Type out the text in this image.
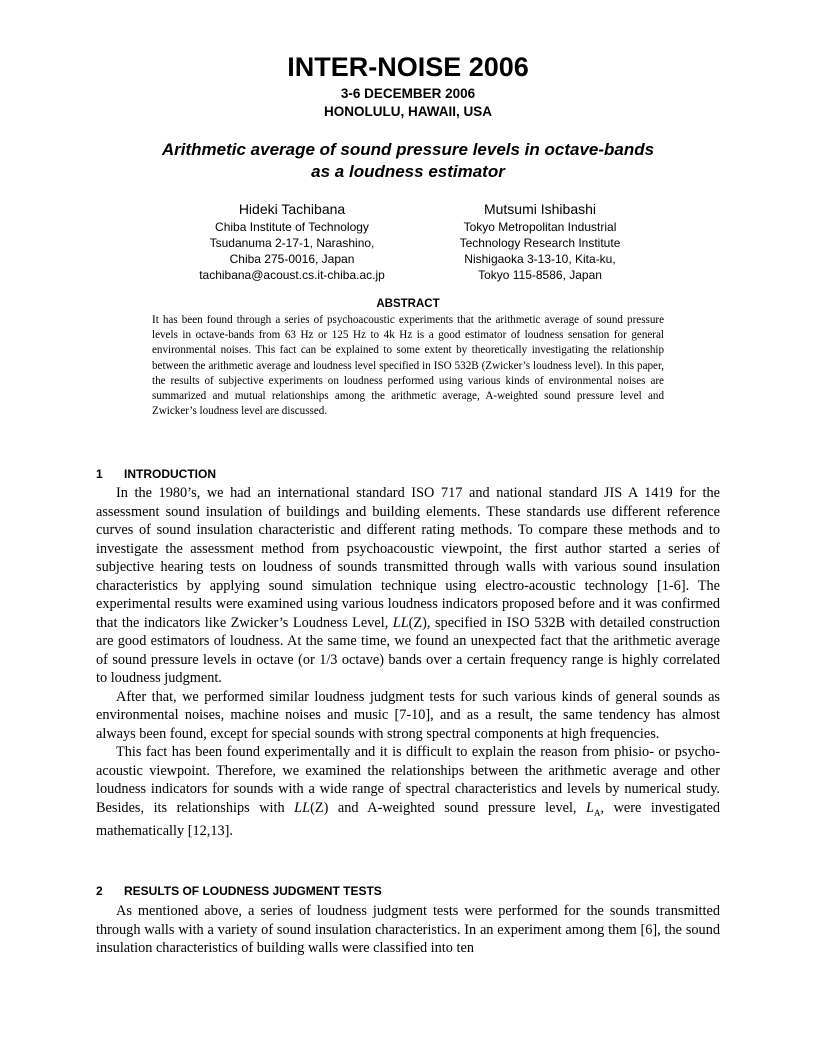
INTER-NOISE 2006
3-6 DECEMBER 2006
HONOLULU, HAWAII, USA
Arithmetic average of sound pressure levels in octave-bands
as a loudness estimator
Hideki Tachibana
Chiba Institute of Technology
Tsudanuma 2-17-1, Narashino,
Chiba 275-0016, Japan
tachibana@acoust.cs.it-chiba.ac.jp
Mutsumi Ishibashi
Tokyo Metropolitan Industrial
Technology Research Institute
Nishigaoka 3-13-10, Kita-ku,
Tokyo 115-8586, Japan
ABSTRACT
It has been found through a series of psychoacoustic experiments that the arithmetic average of sound pressure levels in octave-bands from 63 Hz or 125 Hz to 4k Hz is a good estimator of loudness sensation for general environmental noises. This fact can be explained to some extent by theoretically investigating the relationship between the arithmetic average and loudness level specified in ISO 532B (Zwicker’s loudness level). In this paper, the results of subjective experiments on loudness performed using various kinds of environmental noises are summarized and mutual relationships among the arithmetic average, A-weighted sound pressure level and Zwicker’s loudness level are discussed.
1 INTRODUCTION

In the 1980’s, we had an international standard ISO 717 and national standard JIS A 1419 for the assessment sound insulation of buildings and building elements. These standards use different reference curves of sound insulation characteristic and different rating methods. To compare these methods and to investigate the assessment method from psychoacoustic viewpoint, the first author started a series of subjective hearing tests on loudness of sounds transmitted through walls with various sound insulation characteristics by applying sound simulation technique using electro-acoustic technology [1-6]. The experimental results were examined using various loudness indicators proposed before and it was confirmed that the indicators like Zwicker’s Loudness Level, LL(Z), specified in ISO 532B with detailed construction are good estimators of loudness. At the same time, we found an unexpected fact that the arithmetic average of sound pressure levels in octave (or 1/3 octave) bands over a certain frequency range is highly correlated to loudness judgment.

After that, we performed similar loudness judgment tests for such various kinds of general sounds as environmental noises, machine noises and music [7-10], and as a result, the same tendency has almost always been found, except for special sounds with strong spectral components at high frequencies.

This fact has been found experimentally and it is difficult to explain the reason from phisio- or psycho-acoustic viewpoint. Therefore, we examined the relationships between the arithmetic average and other loudness indicators for sounds with a wide range of spectral characteristics and levels by numerical study. Besides, its relationships with LL(Z) and A-weighted sound pressure level, $L_A$, were investigated mathematically [12,13].

2 RESULTS OF LOUDNESS JUDGMENT TESTS

As mentioned above, a series of loudness judgment tests were performed for the sounds transmitted through walls with a variety of sound insulation characteristics. In an experiment among them [6], the sound insulation characteristics of building walls were classified into ten
